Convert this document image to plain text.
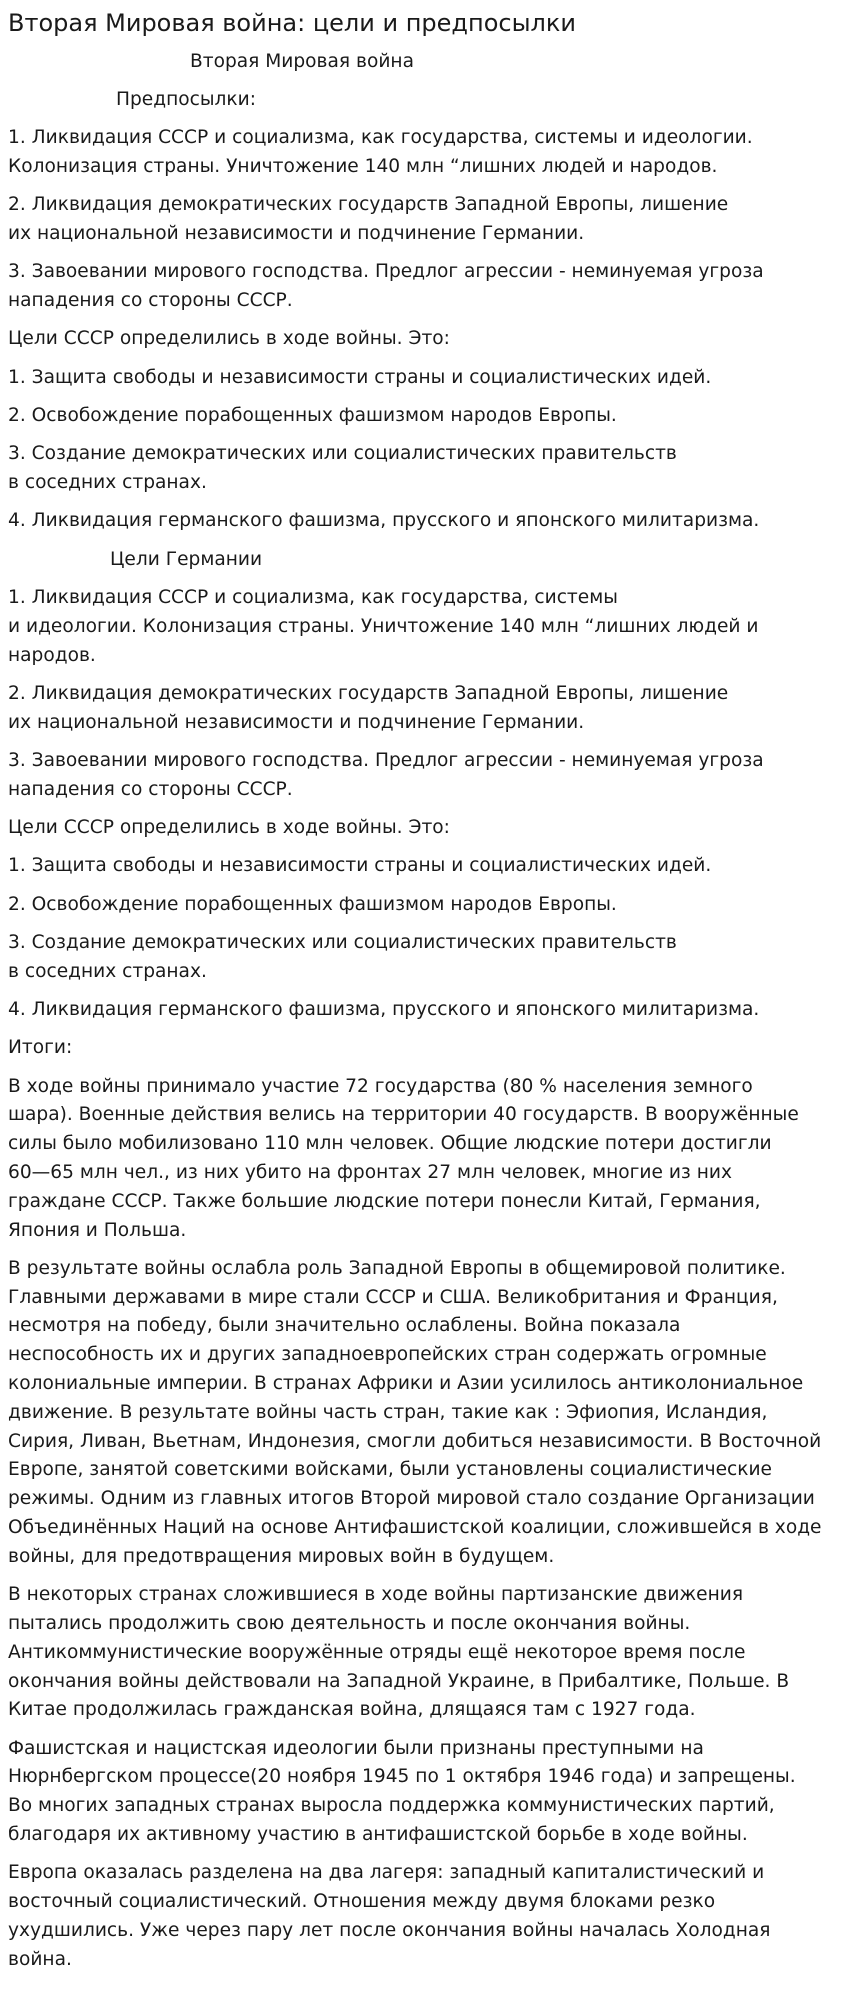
Вторая Мировая война: цели и предпосылки
Вторая Мировая война
Предпосылки:
1. Ликвидация СССР и социализма, как государства, системы и идеологии.
Колонизация страны. Уничтожение 140 млн “лишних людей и народов.
2. Ликвидация демократических государств Западной Европы, лишение
их национальной независимости и подчинение Германии.
3. Завоевании мирового господства. Предлог агрессии - неминуемая угроза
нападения со стороны СССР.
Цели СССР определились в ходе войны. Это:
1. Защита свободы и независимости страны и социалистических идей.
2. Освобождение порабощенных фашизмом народов Европы.
3. Создание демократических или социалистических правительств
в соседних странах.
4. Ликвидация германского фашизма, прусского и японского милитаризма.
Цели Германии
1. Ликвидация СССР и социализма, как государства, системы
и идеологии. Колонизация страны. Уничтожение 140 млн “лишних людей и
народов.
2. Ликвидация демократических государств Западной Европы, лишение
их национальной независимости и подчинение Германии.
3. Завоевании мирового господства. Предлог агрессии - неминуемая угроза
нападения со стороны СССР.
Цели СССР определились в ходе войны. Это:
1. Защита свободы и независимости страны и социалистических идей.
2. Освобождение порабощенных фашизмом народов Европы.
3. Создание демократических или социалистических правительств
в соседних странах.
4. Ликвидация германского фашизма, прусского и японского милитаризма.
Итоги:
В ходе войны принимало участие 72 государства (80 % населения земного
шара). Военные действия велись на территории 40 государств. В вооружённые
силы было мобилизовано 110 млн человек. Общие людские потери достигли
60—65 млн чел., из них убито на фронтах 27 млн человек, многие из них
граждане СССР. Также большие людские потери понесли Китай, Германия,
Япония и Польша.
В результате войны ослабла роль Западной Европы в общемировой политике.
Главными державами в мире стали СССР и США. Великобритания и Франция,
несмотря на победу, были значительно ослаблены. Война показала
неспособность их и других западноевропейских стран содержать огромные
колониальные империи. В странах Африки и Азии усилилось антиколониальное
движение. В результате войны часть стран, такие как : Эфиопия, Исландия,
Сирия, Ливан, Вьетнам, Индонезия, смогли добиться независимости. В Восточной
Европе, занятой советскими войсками, были установлены социалистические
режимы. Одним из главных итогов Второй мировой стало создание Организации
Объединённых Наций на основе Антифашистской коалиции, сложившейся в ходе
войны, для предотвращения мировых войн в будущем.
В некоторых странах сложившиеся в ходе войны партизанские движения
пытались продолжить свою деятельность и после окончания войны.
Антикоммунистические вооружённые отряды ещё некоторое время после
окончания войны действовали на Западной Украине, в Прибалтике, Польше. В
Китае продолжилась гражданская война, длящаяся там с 1927 года.
Фашистская и нацистская идеологии были признаны преступными на
Нюрнбергском процессе(20 ноября 1945 по 1 октября 1946 года) и запрещены.
Во многих западных странах выросла поддержка коммунистических партий,
благодаря их активному участию в антифашистской борьбе в ходе войны.
Европа оказалась разделена на два лагеря: западный капиталистический и
восточный социалистический. Отношения между двумя блоками резко
ухудшились. Уже через пару лет после окончания войны началась Холодная
война.
